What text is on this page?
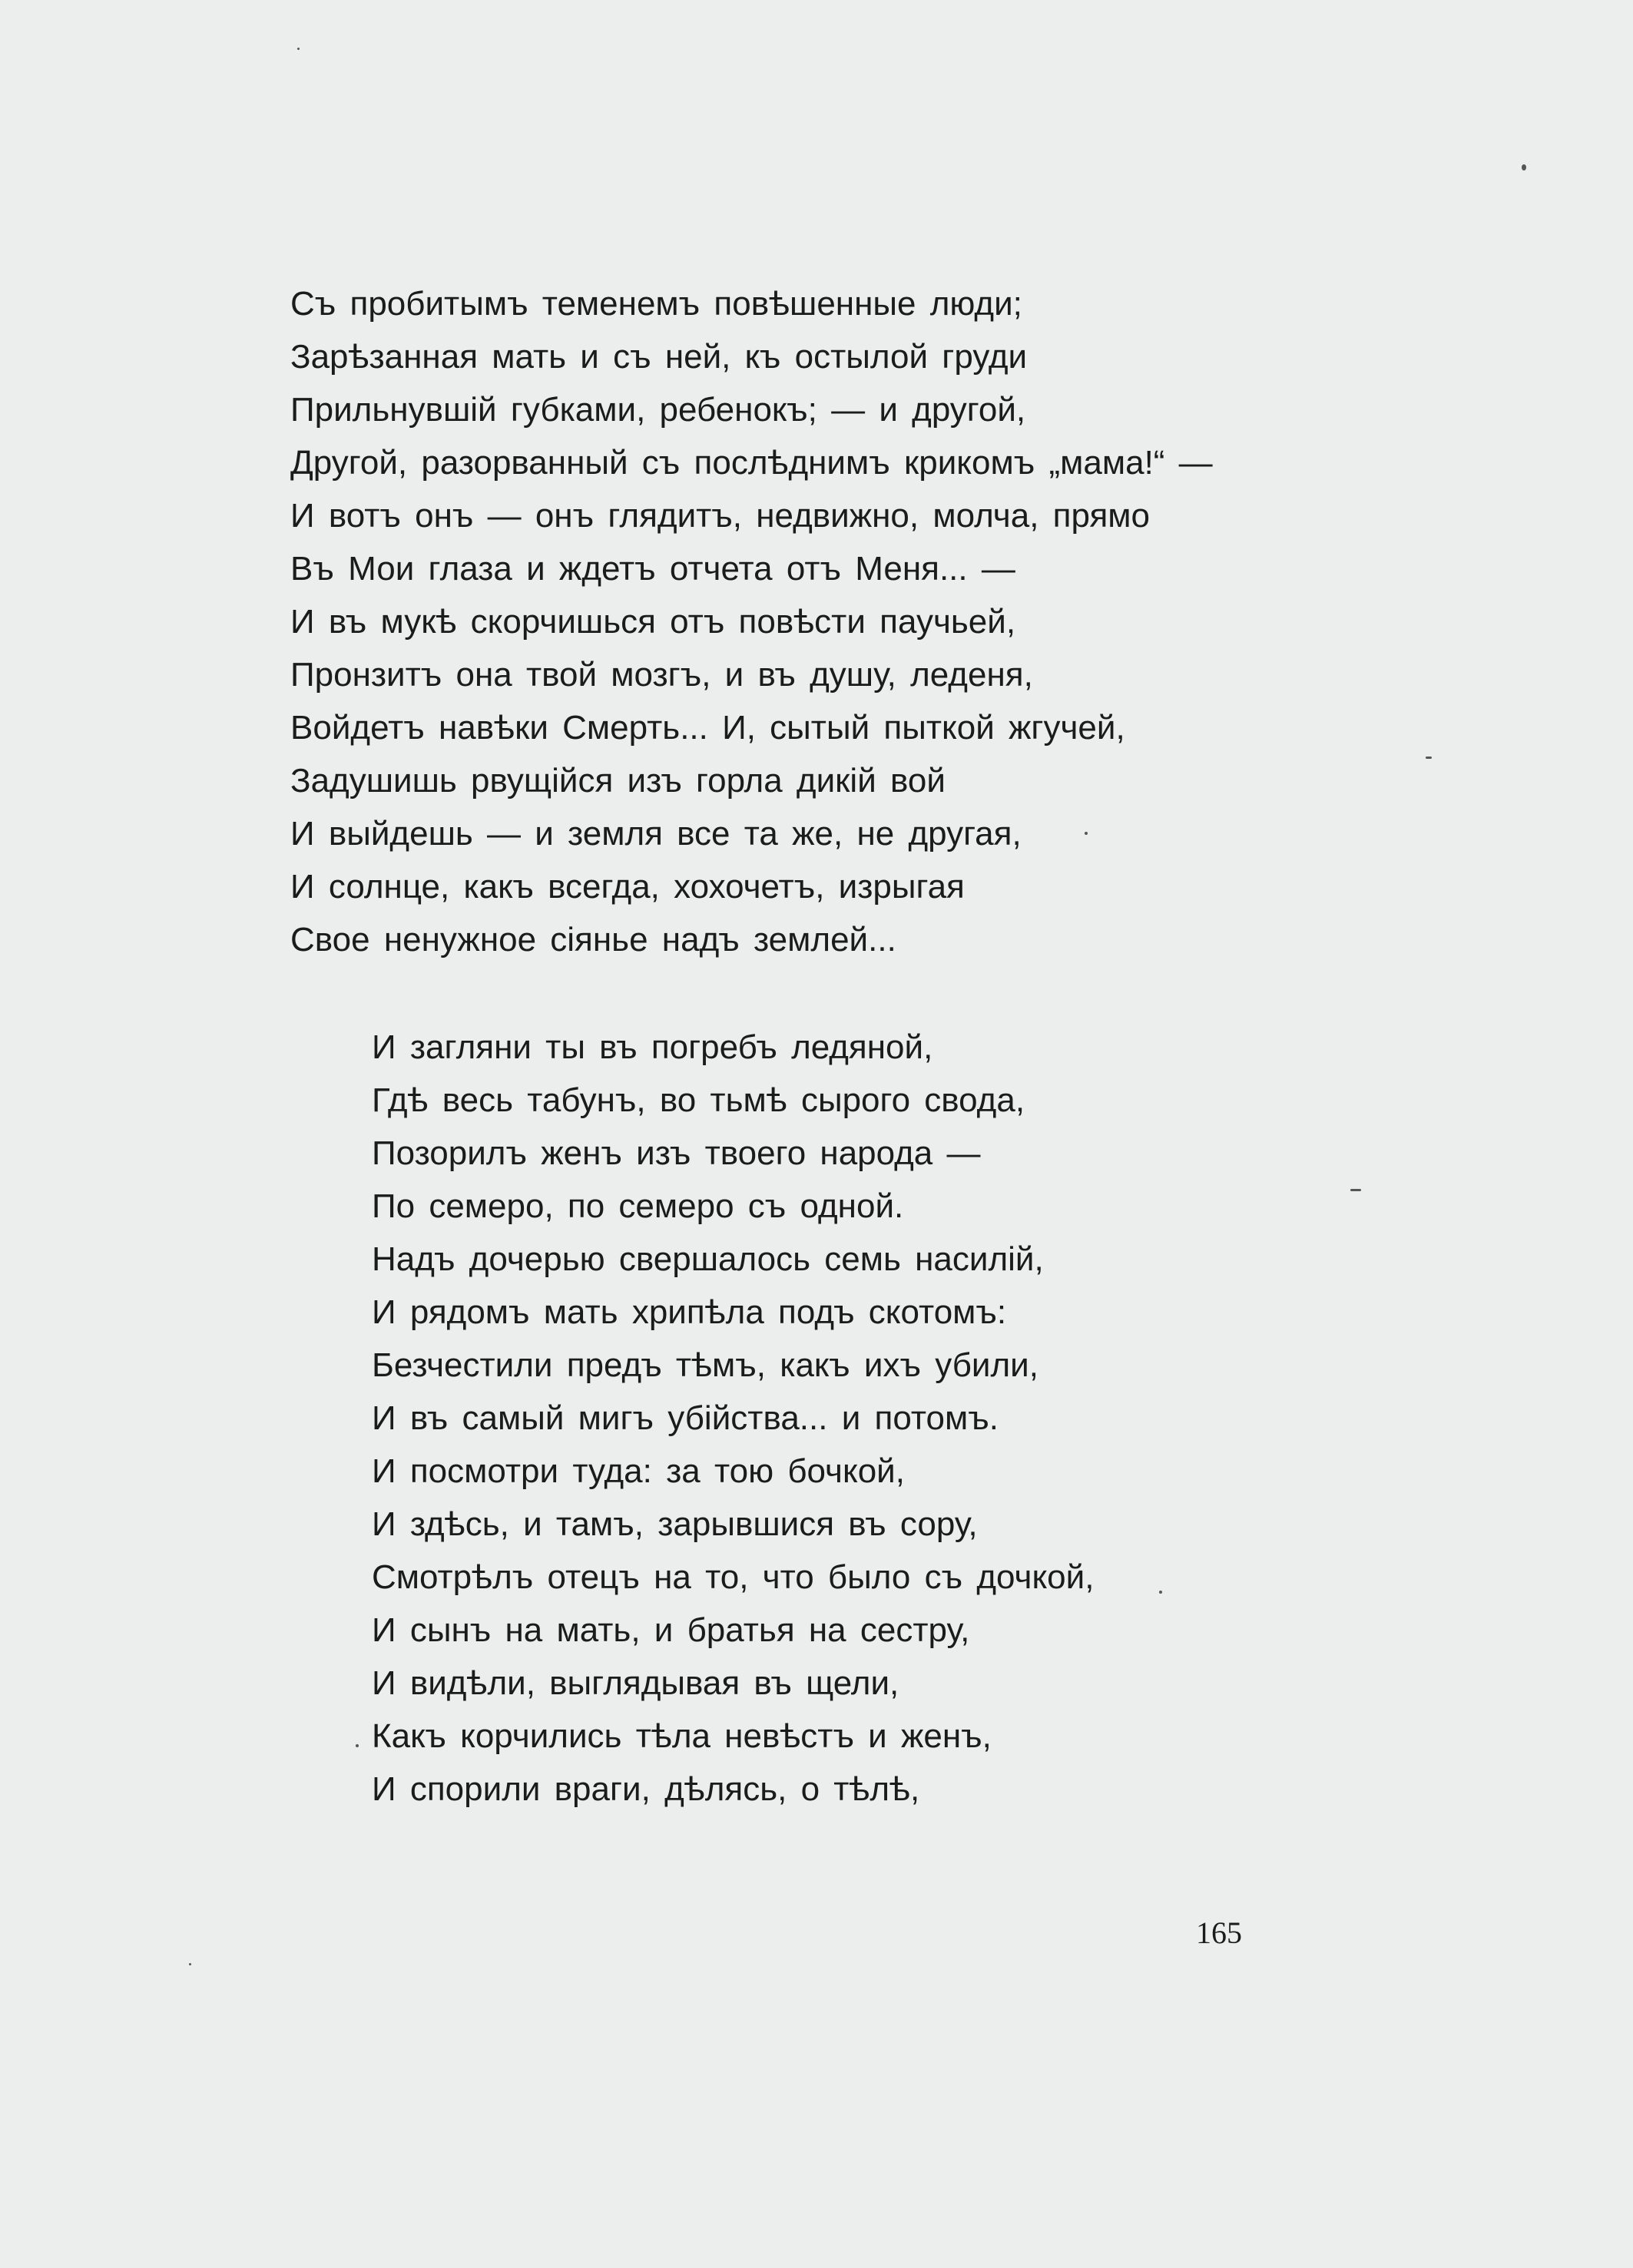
Съ пробитымъ теменемъ повѣшенные люди;
Зарѣзанная мать и съ ней, къ остылой груди
Прильнувшій губками, ребенокъ; — и другой,
Другой, разорванный съ послѣднимъ крикомъ „мама!“ —
И вотъ онъ — онъ глядитъ, недвижно, молча, прямо
Въ Мои глаза и ждетъ отчета отъ Меня... —
И въ мукѣ скорчишься отъ повѣсти паучьей,
Пронзитъ она твой мозгъ, и въ душу, леденя,
Войдетъ навѣки Смерть... И, сытый пыткой жгучей,
Задушишь рвущійся изъ горла дикій вой
И выйдешь — и земля все та же, не другая,
И солнце, какъ всегда, хохочетъ, изрыгая
Свое ненужное сіянье надъ землей...
И загляни ты въ погребъ ледяной,
Гдѣ весь табунъ, во тьмѣ сырого свода,
Позорилъ женъ изъ твоего народа —
По семеро, по семеро съ одной.
Надъ дочерью свершалось семь насилій,
И рядомъ мать хрипѣла подъ скотомъ:
Безчестили предъ тѣмъ, какъ ихъ убили,
И въ самый мигъ убійства... и потомъ.
И посмотри туда: за тою бочкой,
И здѣсь, и тамъ, зарывшися въ сору,
Смотрѣлъ отецъ на то, что было съ дочкой,
И сынъ на мать, и братья на сестру,
И видѣли, выглядывая въ щели,
Какъ корчились тѣла невѣстъ и женъ,
И спорили враги, дѣлясь, о тѣлѣ,
165
